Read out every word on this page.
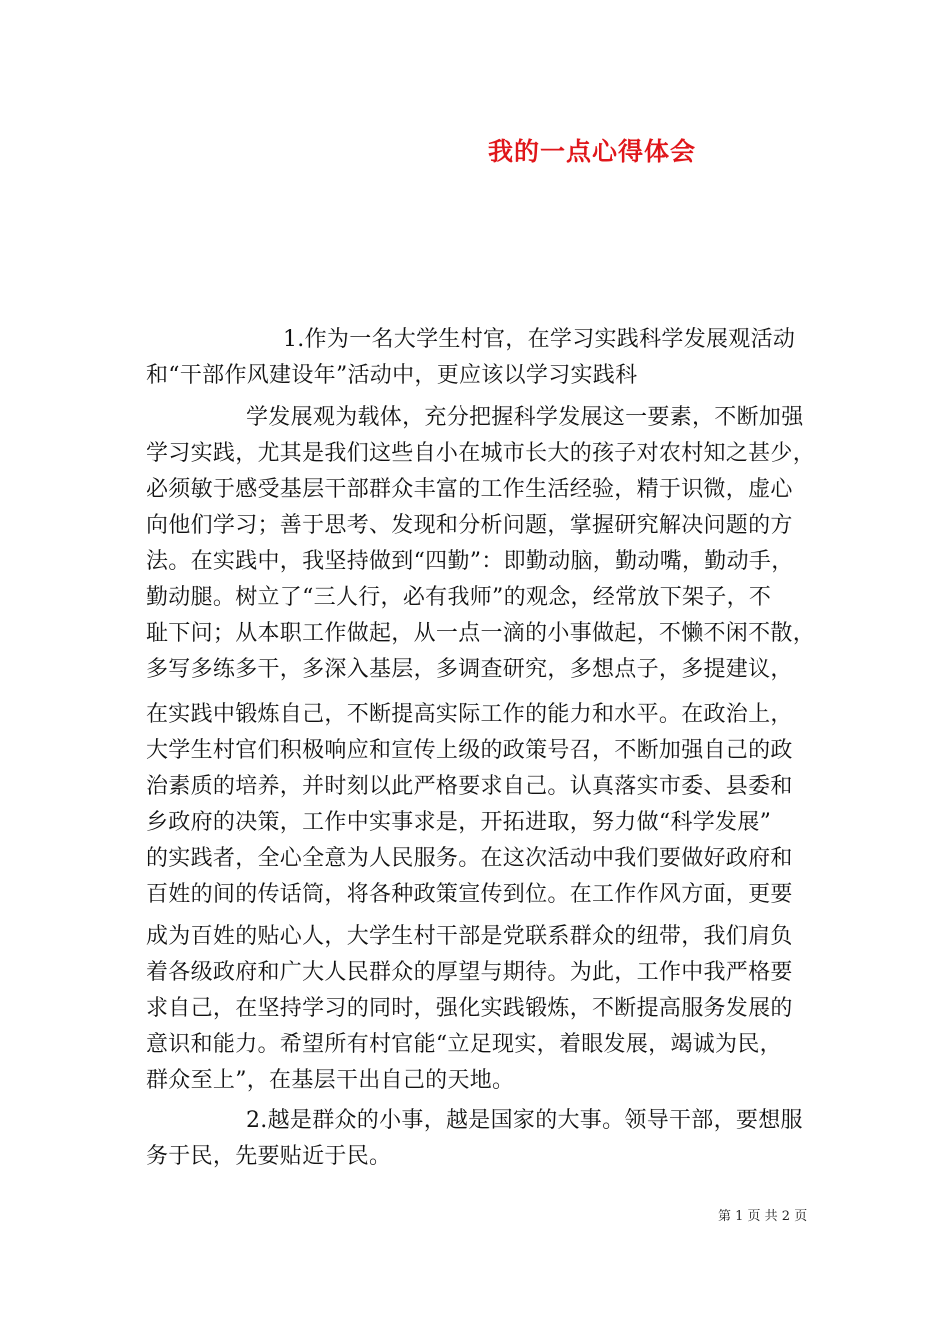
我的一点心得体会
1.作为一名大学生村官，在学习实践科学发展观活动
和“干部作风建设年”活动中，更应该以学习实践科
学发展观为载体，充分把握科学发展这一要素，不断加强
学习实践，尤其是我们这些自小在城市长大的孩子对农村知之甚少，
必须敏于感受基层干部群众丰富的工作生活经验，精于识微，虚心
向他们学习；善于思考、发现和分析问题，掌握研究解决问题的方
法。在实践中，我坚持做到“四勤”：即勤动脑，勤动嘴，勤动手，
勤动腿。树立了“三人行，必有我师”的观念，经常放下架子，不
耻下问；从本职工作做起，从一点一滴的小事做起，不懒不闲不散，
多写多练多干，多深入基层，多调查研究，多想点子，多提建议，
在实践中锻炼自己，不断提高实际工作的能力和水平。在政治上，
大学生村官们积极响应和宣传上级的政策号召，不断加强自己的政
治素质的培养，并时刻以此严格要求自己。认真落实市委、县委和
乡政府的决策，工作中实事求是，开拓进取，努力做“科学发展”
的实践者，全心全意为人民服务。在这次活动中我们要做好政府和
百姓的间的传话筒，将各种政策宣传到位。在工作作风方面，更要
成为百姓的贴心人，大学生村干部是党联系群众的纽带，我们肩负
着各级政府和广大人民群众的厚望与期待。为此，工作中我严格要
求自己，在坚持学习的同时，强化实践锻炼，不断提高服务发展的
意识和能力。希望所有村官能“立足现实，着眼发展，竭诚为民，
群众至上”，在基层干出自己的天地。
2.越是群众的小事，越是国家的大事。领导干部，要想服
务于民，先要贴近于民。
第 1 页 共 2 页
